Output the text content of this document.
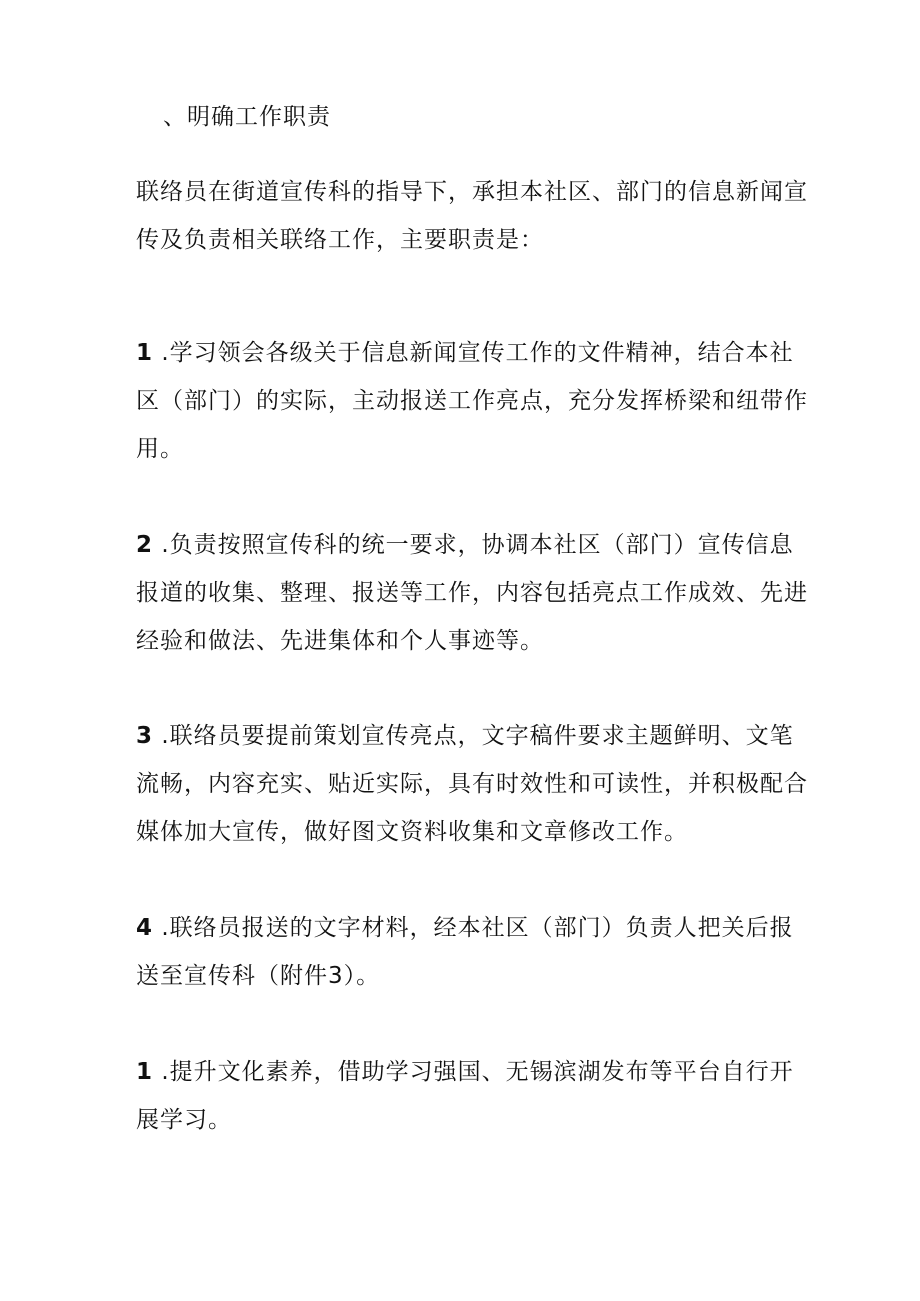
、明确工作职责
联络员在街道宣传科的指导下，承担本社区、部门的信息新闻宣
传及负责相关联络工作，主要职责是：
1 .学习领会各级关于信息新闻宣传工作的文件精神，结合本社
区（部门）的实际，主动报送工作亮点，充分发挥桥梁和纽带作
用。
2 .负责按照宣传科的统一要求，协调本社区（部门）宣传信息
报道的收集、整理、报送等工作，内容包括亮点工作成效、先进
经验和做法、先进集体和个人事迹等。
3 .联络员要提前策划宣传亮点，文字稿件要求主题鲜明、文笔
流畅，内容充实、贴近实际，具有时效性和可读性，并积极配合
媒体加大宣传，做好图文资料收集和文章修改工作。
4 .联络员报送的文字材料，经本社区（部门）负责人把关后报
送至宣传科（附件3）。
1 .提升文化素养，借助学习强国、无锡滨湖发布等平台自行开
展学习。
